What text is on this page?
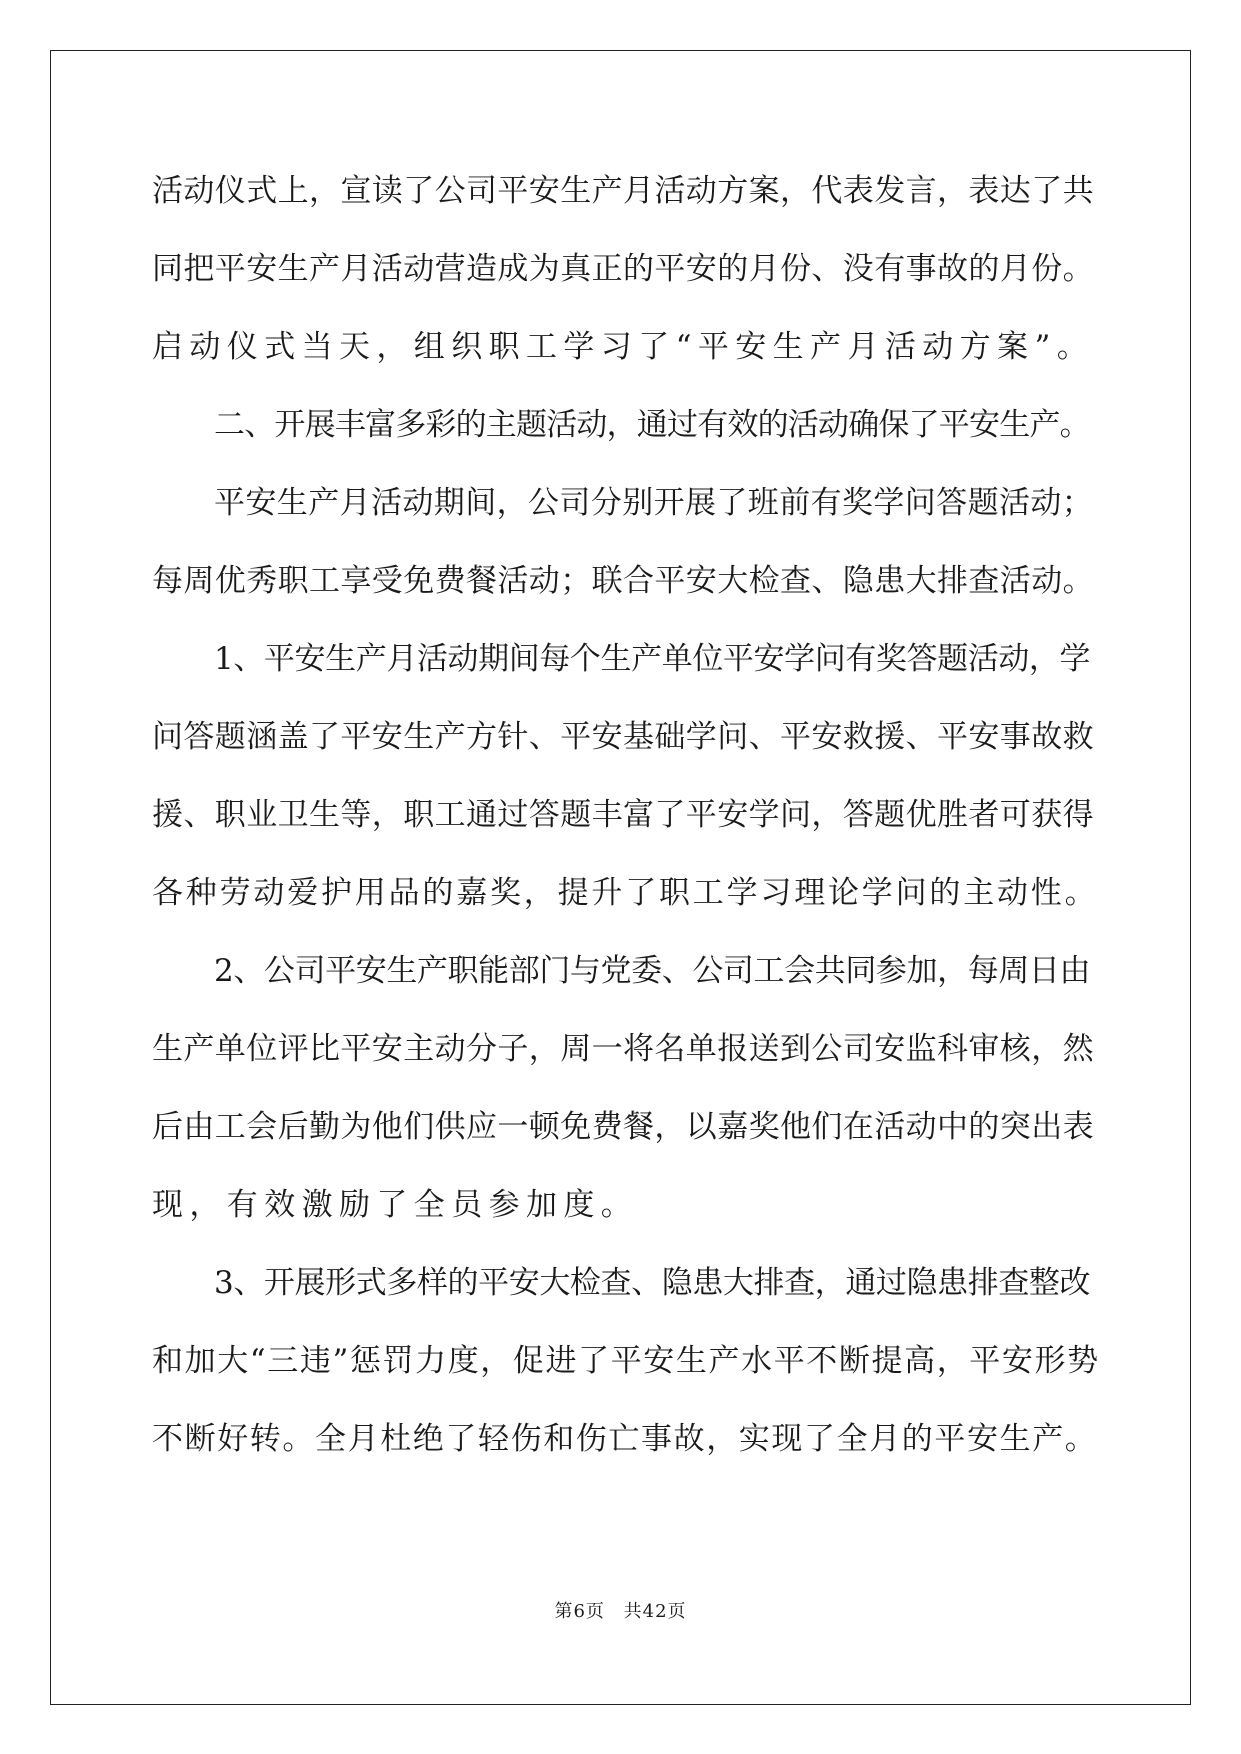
活动仪式上，宣读了公司平安生产月活动方案，代表发言，表达了共
同把平安生产月活动营造成为真正的平安的月份、没有事故的月份。
启动仪式当天，组织职工学习了“平安生产月活动方案”。
二、开展丰富多彩的主题活动，通过有效的活动确保了平安生产。
平安生产月活动期间，公司分别开展了班前有奖学问答题活动；
每周优秀职工享受免费餐活动；联合平安大检查、隐患大排查活动。
1、平安生产月活动期间每个生产单位平安学问有奖答题活动，学
问答题涵盖了平安生产方针、平安基础学问、平安救援、平安事故救
援、职业卫生等，职工通过答题丰富了平安学问，答题优胜者可获得
各种劳动爱护用品的嘉奖，提升了职工学习理论学问的主动性。
2、公司平安生产职能部门与党委、公司工会共同参加，每周日由
生产单位评比平安主动分子，周一将名单报送到公司安监科审核，然
后由工会后勤为他们供应一顿免费餐，以嘉奖他们在活动中的突出表
现，有效激励了全员参加度。
3、开展形式多样的平安大检查、隐患大排查，通过隐患排查整改
和加大“三违”惩罚力度，促进了平安生产水平不断提高，平安形势
不断好转。全月杜绝了轻伤和伤亡事故，实现了全月的平安生产。
第6页 共42页
